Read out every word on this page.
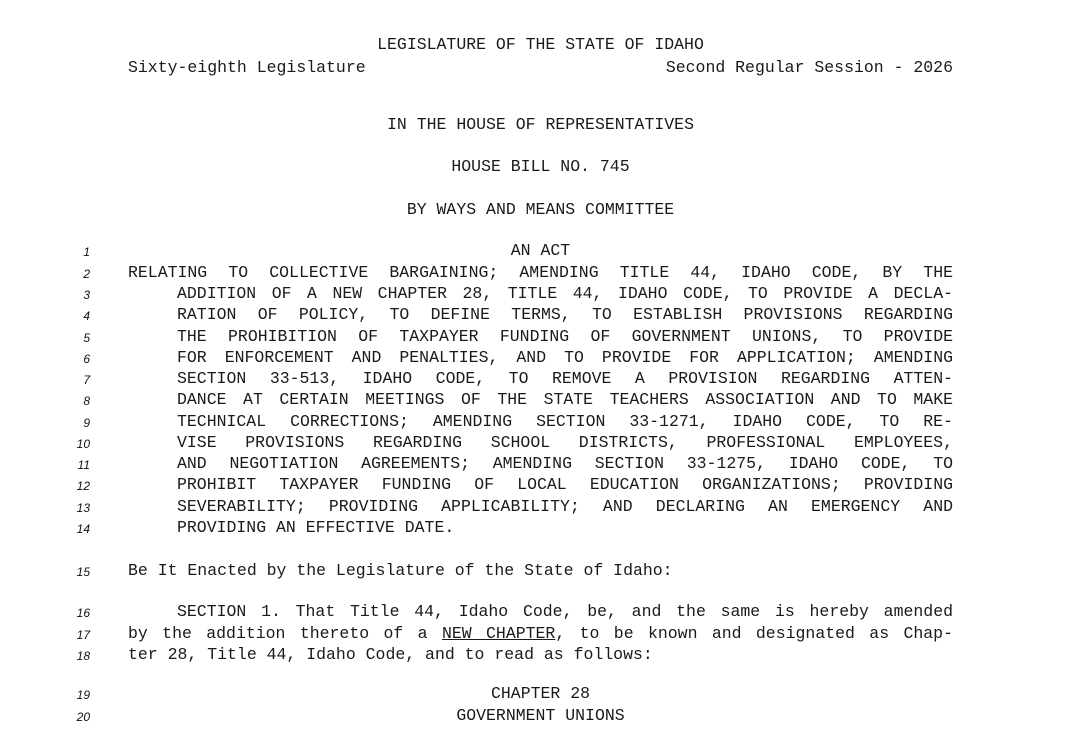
LEGISLATURE OF THE STATE OF IDAHO
Sixty-eighth Legislature	Second Regular Session - 2026
IN THE HOUSE OF REPRESENTATIVES
HOUSE BILL NO. 745
BY WAYS AND MEANS COMMITTEE
1	AN ACT
2 RELATING TO COLLECTIVE BARGAINING; AMENDING TITLE 44, IDAHO CODE, BY THE
3	ADDITION OF A NEW CHAPTER 28, TITLE 44, IDAHO CODE, TO PROVIDE A DECLA-
4	RATION OF POLICY, TO DEFINE TERMS, TO ESTABLISH PROVISIONS REGARDING
5	THE PROHIBITION OF TAXPAYER FUNDING OF GOVERNMENT UNIONS, TO PROVIDE
6	FOR ENFORCEMENT AND PENALTIES, AND TO PROVIDE FOR APPLICATION; AMENDING
7	SECTION 33-513, IDAHO CODE, TO REMOVE A PROVISION REGARDING ATTEN-
8	DANCE AT CERTAIN MEETINGS OF THE STATE TEACHERS ASSOCIATION AND TO MAKE
9	TECHNICAL CORRECTIONS; AMENDING SECTION 33-1271, IDAHO CODE, TO RE-
10	VISE PROVISIONS REGARDING SCHOOL DISTRICTS, PROFESSIONAL EMPLOYEES,
11	AND NEGOTIATION AGREEMENTS; AMENDING SECTION 33-1275, IDAHO CODE, TO
12	PROHIBIT TAXPAYER FUNDING OF LOCAL EDUCATION ORGANIZATIONS; PROVIDING
13	SEVERABILITY; PROVIDING APPLICABILITY; AND DECLARING AN EMERGENCY AND
14	PROVIDING AN EFFECTIVE DATE.
15 Be It Enacted by the Legislature of the State of Idaho:
16	SECTION 1. That Title 44, Idaho Code, be, and the same is hereby amended
17 by the addition thereto of a NEW CHAPTER, to be known and designated as Chap-
18 ter 28, Title 44, Idaho Code, and to read as follows:
19	CHAPTER 28
20	GOVERNMENT UNIONS
